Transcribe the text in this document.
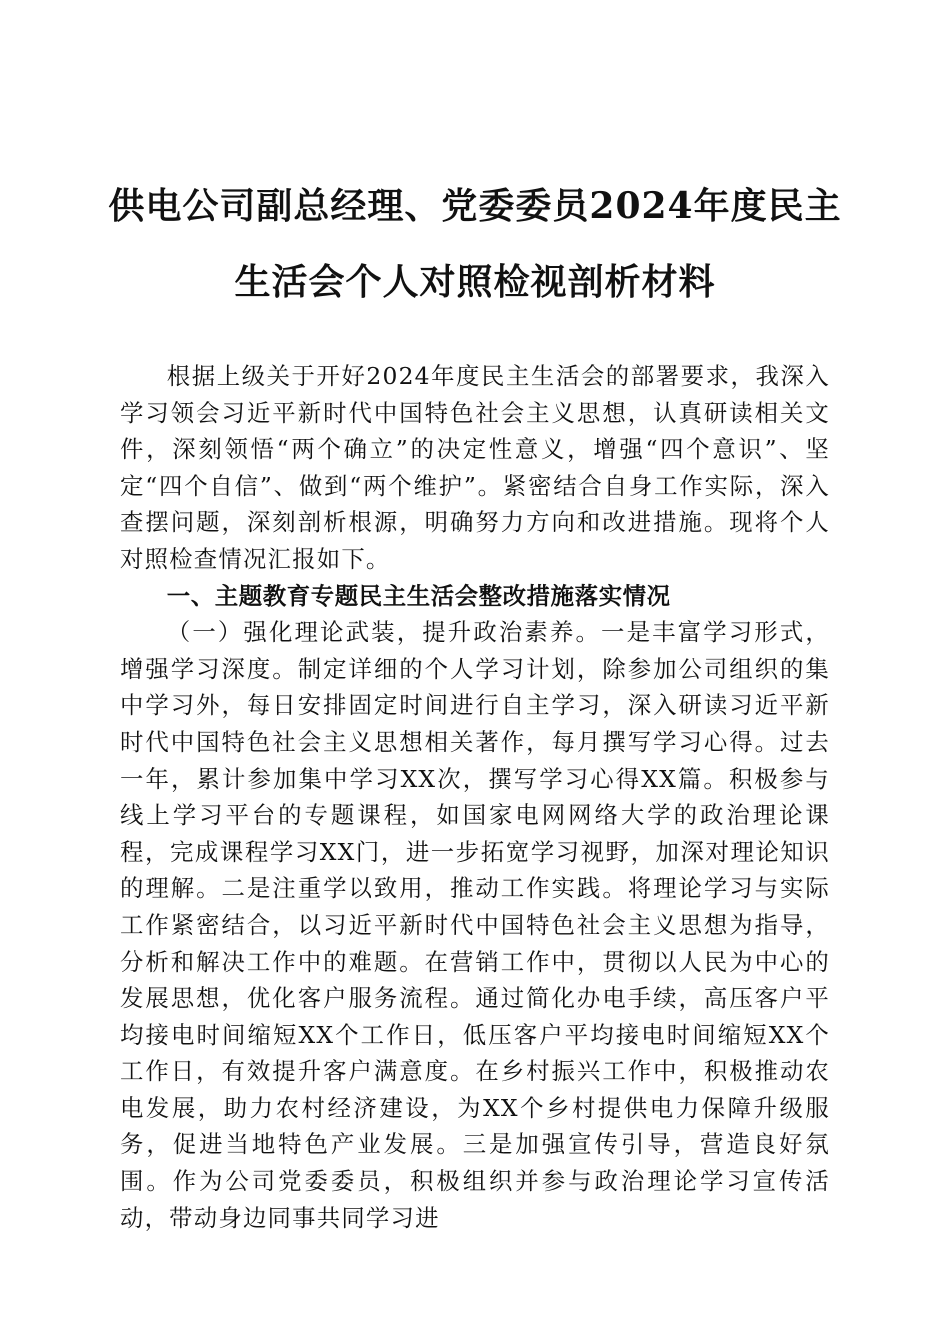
供电公司副总经理、党委委员2024年度民主
生活会个人对照检视剖析材料

根据上级关于开好2024年度民主生活会的部署要求，我深入学习领会习近平新时代中国特色社会主义思想，认真研读相关文件，深刻领悟“两个确立”的决定性意义，增强“四个意识”、坚定“四个自信”、做到“两个维护”。紧密结合自身工作实际，深入查摆问题，深刻剖析根源，明确努力方向和改进措施。现将个人对照检查情况汇报如下。

一、主题教育专题民主生活会整改措施落实情况

（一）强化理论武装，提升政治素养。一是丰富学习形式，增强学习深度。制定详细的个人学习计划，除参加公司组织的集中学习外，每日安排固定时间进行自主学习，深入研读习近平新时代中国特色社会主义思想相关著作，每月撰写学习心得。过去一年，累计参加集中学习XX次，撰写学习心得XX篇。积极参与线上学习平台的专题课程，如国家电网网络大学的政治理论课程，完成课程学习XX门，进一步拓宽学习视野，加深对理论知识的理解。二是注重学以致用，推动工作实践。将理论学习与实际工作紧密结合，以习近平新时代中国特色社会主义思想为指导，分析和解决工作中的难题。在营销工作中，贯彻以人民为中心的发展思想，优化客户服务流程。通过简化办电手续，高压客户平均接电时间缩短XX个工作日，低压客户平均接电时间缩短XX个工作日，有效提升客户满意度。在乡村振兴工作中，积极推动农电发展，助力农村经济建设，为XX个乡村提供电力保障升级服务，促进当地特色产业发展。三是加强宣传引导，营造良好氛围。作为公司党委委员，积极组织并参与政治理论学习宣传活动，带动身边同事共同学习进
